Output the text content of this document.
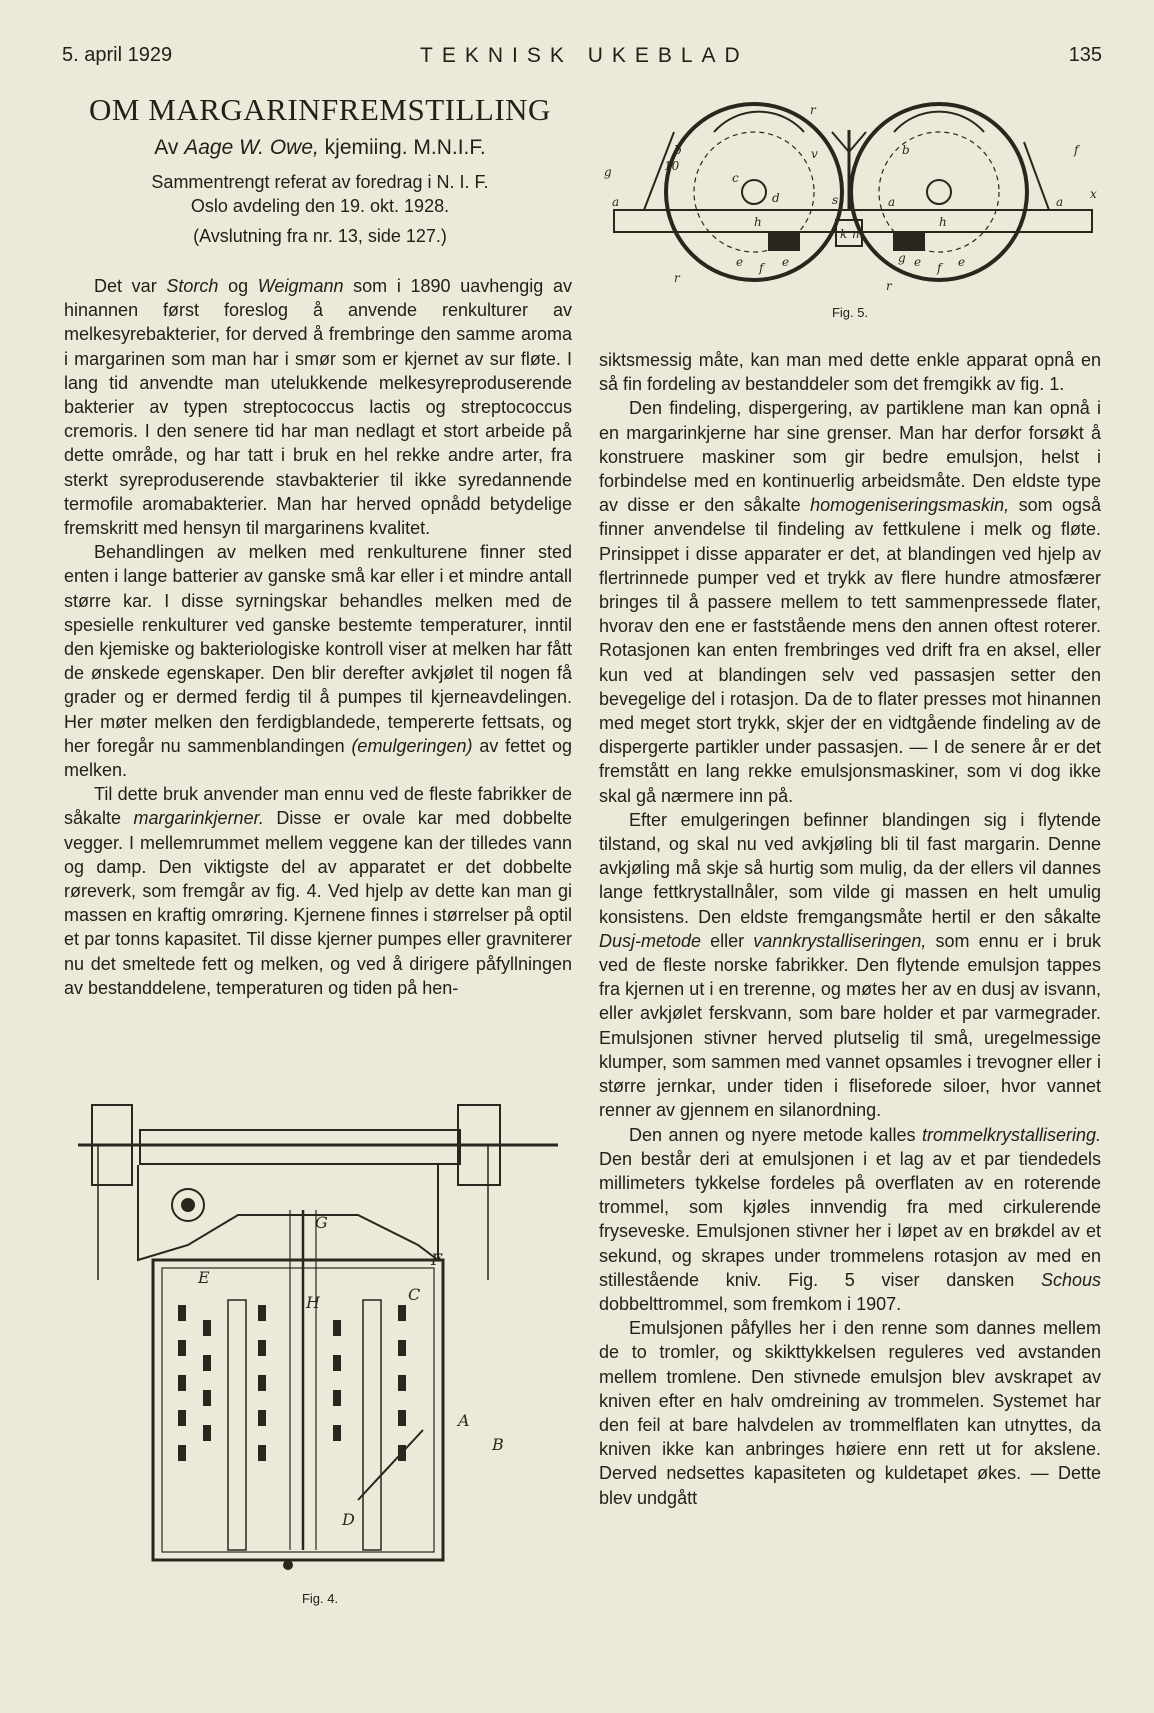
5. april 1929	TEKNISK UKEBLAD	135
OM MARGARINFREMSTILLING
Av Aage W. Owe, kjemiing. M.N.I.F.
Sammentrengt referat av foredrag i N. I. F.
Oslo avdeling den 19. okt. 1928.
(Avslutning fra nr. 13, side 127.)

Det var Storch og Weigmann som i 1890 uavhengig av hinannen først foreslog å anvende renkulturer av melkesyrebakterier, for derved å frembringe den samme aroma i margarinen som man har i smør som er kjernet av sur fløte. I lang tid anvendte man utelukkende melkesyreproduserende bakterier av typen streptococcus lactis og streptococcus cremoris. I den senere tid har man nedlagt et stort arbeide på dette område, og har tatt i bruk en hel rekke andre arter, fra sterkt syreproduserende stavbakterier til ikke syredannende termofile aromabakterier. Man har herved opnådd betydelige fremskritt med hensyn til margarinens kvalitet.

Behandlingen av melken med renkulturene finner sted enten i lange batterier av ganske små kar eller i et mindre antall større kar. I disse syrningskar behandles melken med de spesielle renkulturer ved ganske bestemte temperaturer, inntil den kjemiske og bakteriologiske kontroll viser at melken har fått de ønskede egenskaper. Den blir derefter avkjølet til nogen få grader og er dermed ferdig til å pumpes til kjerneavdelingen. Her møter melken den ferdigblandede, tempererte fettsats, og her foregår nu sammenblandingen (emulgeringen) av fettet og melken.

Til dette bruk anvender man ennu ved de fleste fabrikker de såkalte margarinkjerner. Disse er ovale kar med dobbelte vegger. I mellemrummet mellem veggene kan der tilledes vann og damp. Den viktigste del av apparatet er det dobbelte røreverk, som fremgår av fig. 4. Ved hjelp av dette kan man gi massen en kraftig omrøring. Kjernene finnes i størrelser på optil et par tonns kapasitet. Til disse kjerner pumpes eller gravniterer nu det smeltede fett og melken, og ved å dirigere påfyllningen av bestanddelene, temperaturen og tiden på hen-

siktsmessig måte, kan man med dette enkle apparat opnå en så fin fordeling av bestanddeler som det fremgikk av fig. 1.

Den findeling, dispergering, av partiklene man kan opnå i en margarinkjerne har sine grenser. Man har derfor forsøkt å konstruere maskiner som gir bedre emulsjon, helst i forbindelse med en kontinuerlig arbeidsmåte. Den eldste type av disse er den såkalte homogeniseringsmaskin, som også finner anvendelse til findeling av fettkulene i melk og fløte. Prinsippet i disse apparater er det, at blandingen ved hjelp av flertrinnede pumper ved et trykk av flere hundre atmosfærer bringes til å passere mellem to tett sammenpressede flater, hvorav den ene er faststående mens den annen oftest roterer. Rotasjonen kan enten frembringes ved drift fra en aksel, eller kun ved at blandingen selv ved passasjen setter den bevegelige del i rotasjon. Da de to flater presses mot hinannen med meget stort trykk, skjer der en vidtgående findeling av de dispergerte partikler under passasjen. — I de senere år er det fremstått en lang rekke emulsjonsmaskiner, som vi dog ikke skal gå nærmere inn på.

Efter emulgeringen befinner blandingen sig i flytende tilstand, og skal nu ved avkjøling bli til fast margarin. Denne avkjøling må skje så hurtig som mulig, da der ellers vil dannes lange fettkrystallnåler, som vilde gi massen en helt umulig konsistens. Den eldste fremgangsmåte hertil er den såkalte Dusj-metode eller vannkrystalliseringen, som ennu er i bruk ved de fleste norske fabrikker. Den flytende emulsjon tappes fra kjernen ut i en trerenne, og møtes her av en dusj av isvann, eller avkjølet ferskvann, som bare holder et par varmegrader. Emulsjonen stivner herved plutselig til små, uregelmessige klumper, som sammen med vannet opsamles i trevogner eller i større jernkar, under tiden i fliseforede siloer, hvor vannet renner av gjennem en silanordning.

Den annen og nyere metode kalles trommelkrystallisering. Den består deri at emulsjonen i et lag av et par tiendedels millimeters tykkelse fordeles på overflaten av en roterende trommel, som kjøles innvendig fra med cirkulerende fryseveske. Emulsjonen stivner her i løpet av en brøkdel av et sekund, og skrapes under trommelens rotasjon av med en stillestående kniv. Fig. 5 viser dansken Schous dobbelttrommel, som fremkom i 1907.

Emulsjonen påfylles her i den renne som dannes mellem de to tromler, og skikttykkelsen reguleres ved avstanden mellem tromlene. Den stivnede emulsjon blev avskrapet av kniven efter en halv omdreining av trommelen. Systemet har den feil at bare halvdelen av trommelflaten kan utnyttes, da kniven ikke kan anbringes høiere enn rett ut for akslene. Derved nedsettes kapasiteten og kuldetapet økes. — Dette blev undgått

G
E
F
H	C
A
B
D
Fig. 4.
r
b	v	b	f
g	10
c
d	s
a
h
a
h
a
x
k m
e f e	g e f e
r
r
Fig. 5.
